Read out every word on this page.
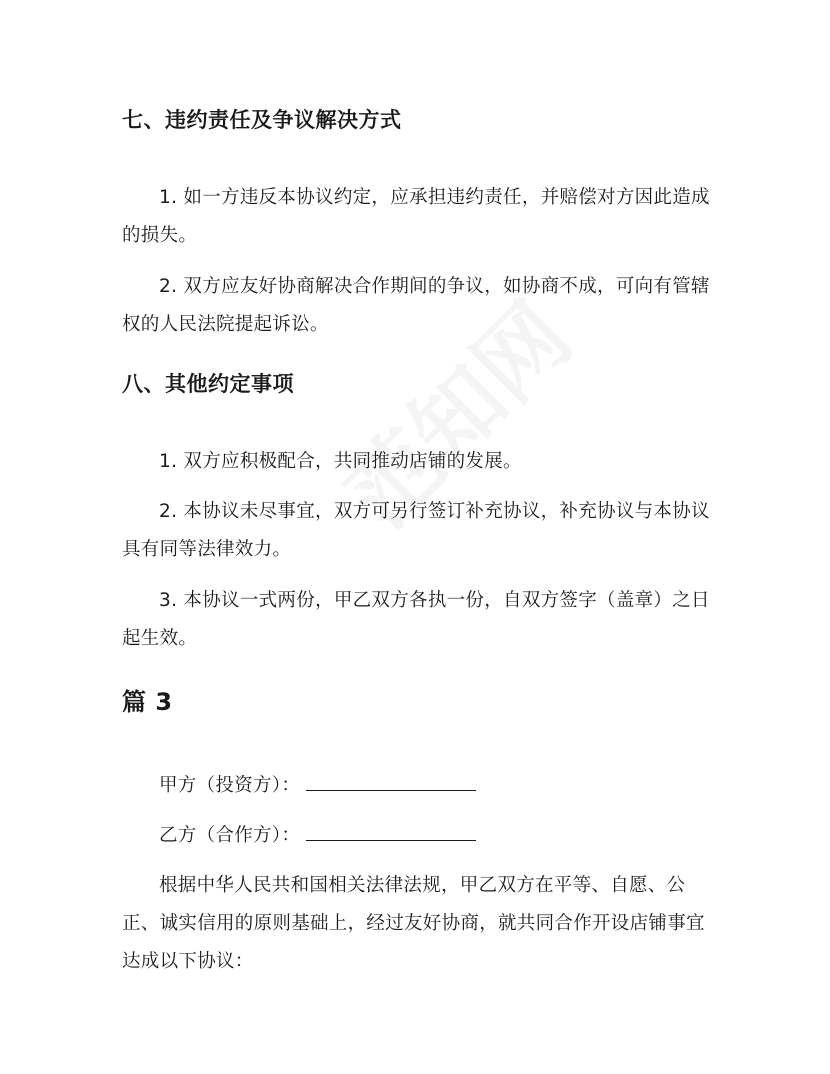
七、违约责任及争议解决方式
1. 如一方违反本协议约定，应承担违约责任，并赔偿对方因此造成的损失。
2. 双方应友好协商解决合作期间的争议，如协商不成，可向有管辖权的人民法院提起诉讼。
八、其他约定事项
1. 双方应积极配合，共同推动店铺的发展。
2. 本协议未尽事宜，双方可另行签订补充协议，补充协议与本协议具有同等法律效力。
3. 本协议一式两份，甲乙双方各执一份，自双方签字（盖章）之日起生效。
篇 3
甲方（投资方）：
乙方（合作方）：
根据中华人民共和国相关法律法规，甲乙双方在平等、自愿、公正、诚实信用的原则基础上，经过友好协商，就共同合作开设店铺事宜达成以下协议：
